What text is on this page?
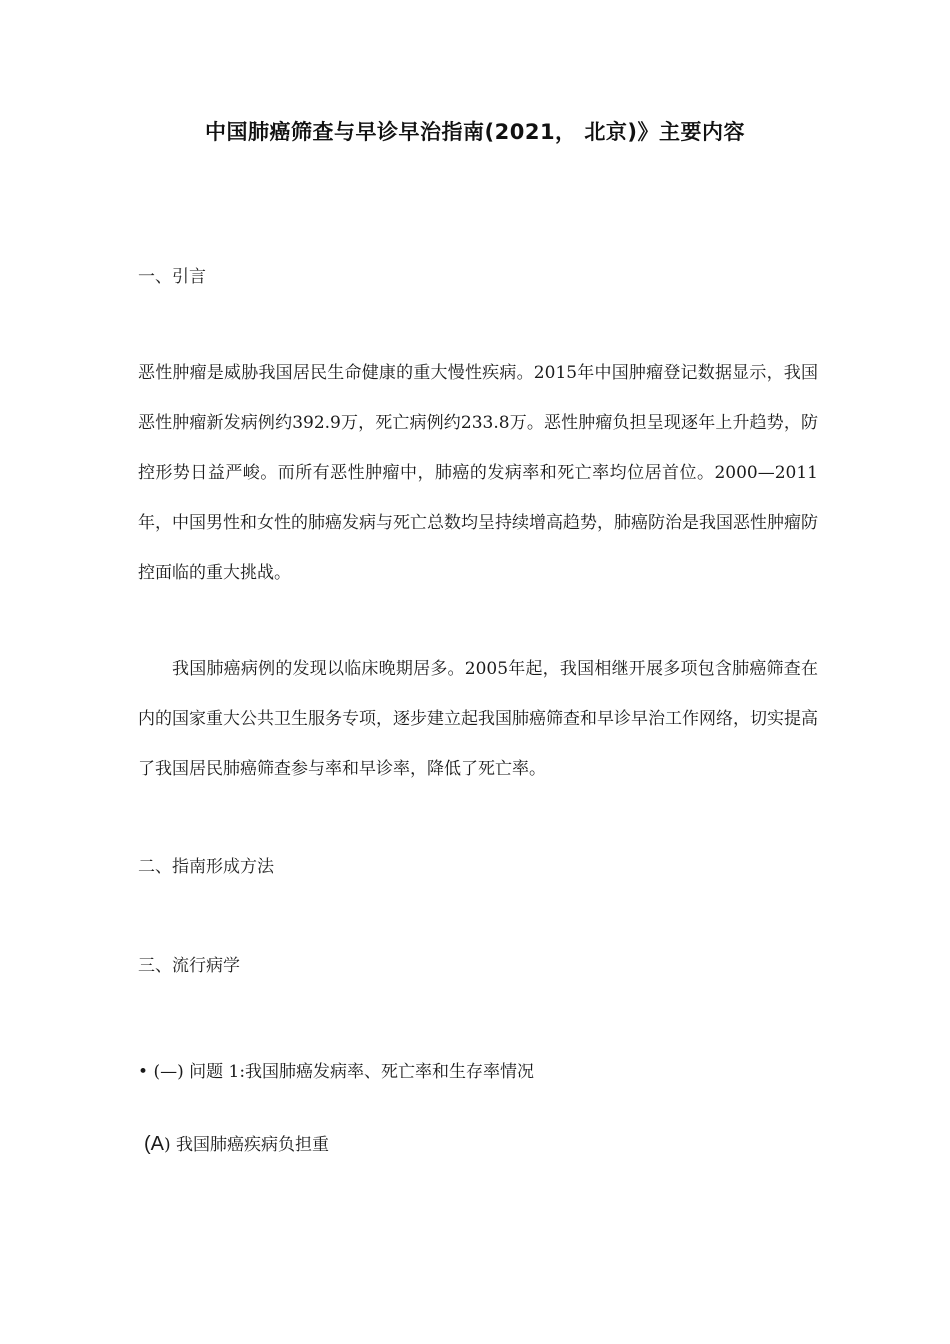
中国肺癌筛查与早诊早治指南(2021， 北京)》主要内容
一、引言
恶性肿瘤是威胁我国居民生命健康的重大慢性疾病。2015年中国肿瘤登记数据显示，我国恶性肿瘤新发病例约392.9万，死亡病例约233.8万。恶性肿瘤负担呈现逐年上升趋势，防控形势日益严峻。而所有恶性肿瘤中，肺癌的发病率和死亡率均位居首位。2000—2011年，中国男性和女性的肺癌发病与死亡总数均呈持续增高趋势，肺癌防治是我国恶性肿瘤防控面临的重大挑战。
我国肺癌病例的发现以临床晚期居多。2005年起，我国相继开展多项包含肺癌筛查在内的国家重大公共卫生服务专项，逐步建立起我国肺癌筛查和早诊早治工作网络，切实提高了我国居民肺癌筛查参与率和早诊率，降低了死亡率。
二、指南形成方法
三、流行病学
• (—) 问题 1:我国肺癌发病率、死亡率和生存率情况
(A) 我国肺癌疾病负担重
